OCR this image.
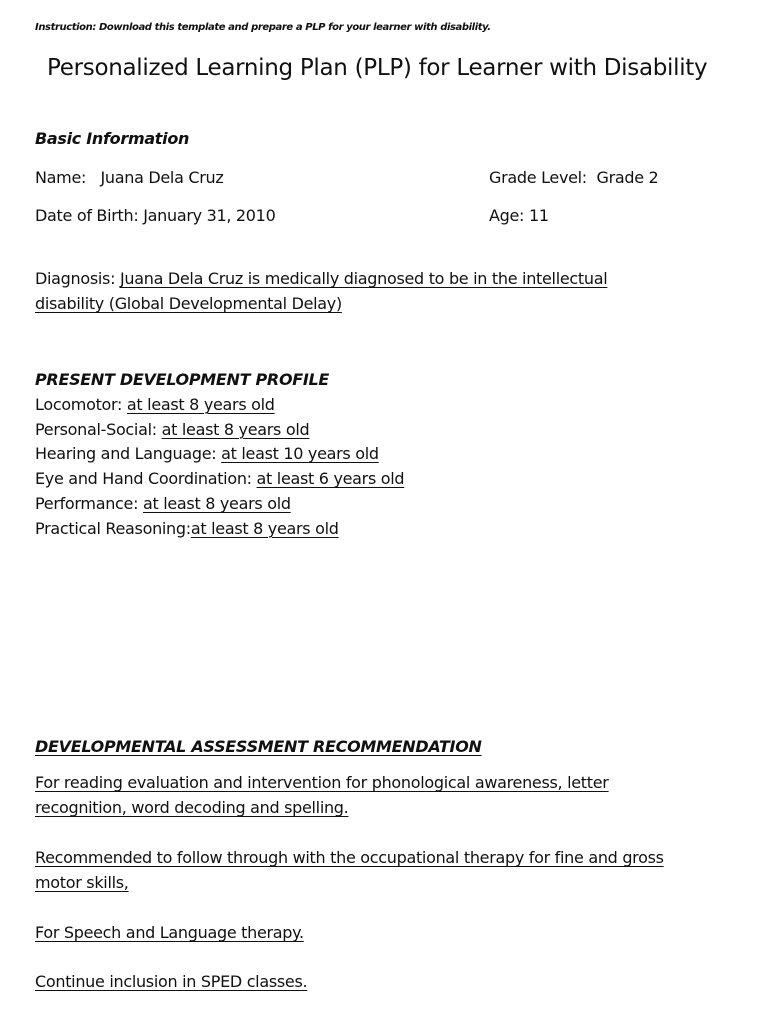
Instruction: Download this template and prepare a PLP for your learner with disability.
Personalized Learning Plan (PLP) for Learner with Disability
Basic Information
Name: Juana Dela Cruz	Grade Level: Grade 2
Date of Birth: January 31, 2010	Age: 11
Diagnosis: Juana Dela Cruz is medically diagnosed to be in the intellectual
disability (Global Developmental Delay)
PRESENT DEVELOPMENT PROFILE
Locomotor: at least 8 years old
Personal-Social: at least 8 years old
Hearing and Language: at least 10 years old
Eye and Hand Coordination: at least 6 years old
Performance: at least 8 years old
Practical Reasoning:at least 8 years old
DEVELOPMENTAL ASSESSMENT RECOMMENDATION
For reading evaluation and intervention for phonological awareness, letter
recognition, word decoding and spelling.
Recommended to follow through with the occupational therapy for fine and gross
motor skills,
For Speech and Language therapy.
Continue inclusion in SPED classes.
